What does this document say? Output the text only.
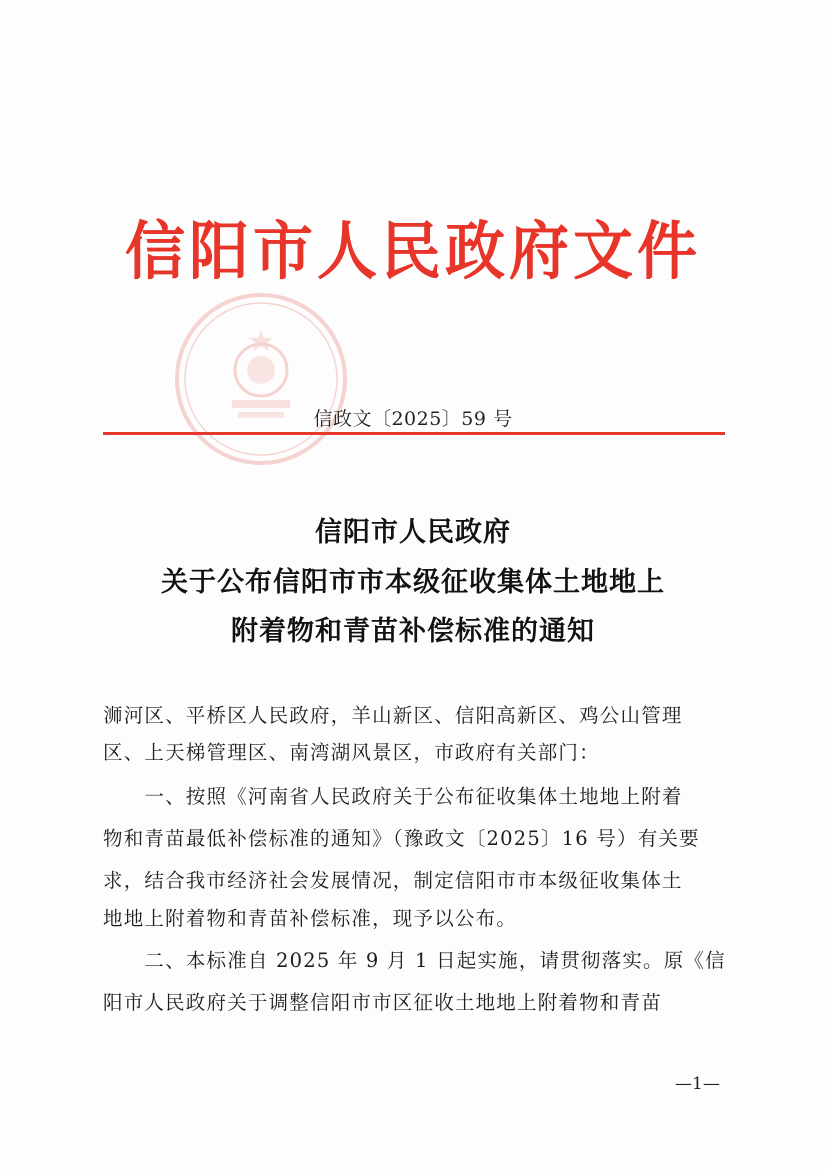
信阳市人民政府文件
信政文〔2025〕59 号
信阳市人民政府
关于公布信阳市市本级征收集体土地地上
附着物和青苗补偿标准的通知
浉河区、平桥区人民政府，羊山新区、信阳高新区、鸡公山管理
区、上天梯管理区、南湾湖风景区，市政府有关部门：
　　一、按照《河南省人民政府关于公布征收集体土地地上附着
物和青苗最低补偿标准的通知》（豫政文〔2025〕16 号）有关要
求，结合我市经济社会发展情况，制定信阳市市本级征收集体土
地地上附着物和青苗补偿标准，现予以公布。
　　二、本标准自 2025 年 9 月 1 日起实施，请贯彻落实。原《信
阳市人民政府关于调整信阳市市区征收土地地上附着物和青苗
—1—
